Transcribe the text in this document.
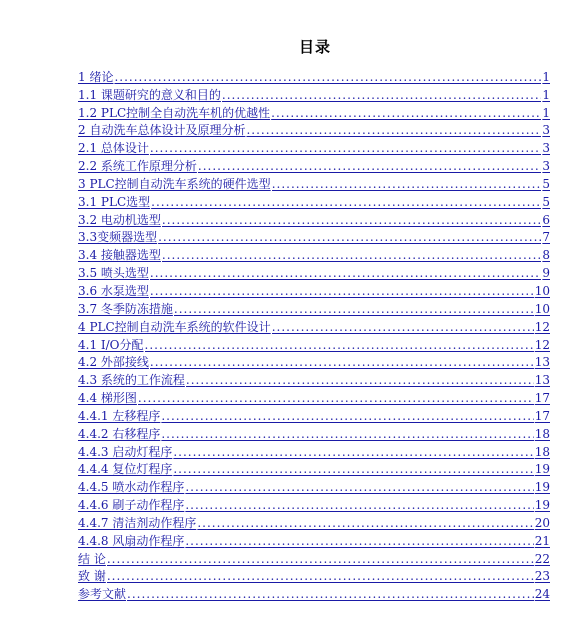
目录
1 绪论 .....	1
1.1 课题研究的意义和目的 .....	1
1.2 PLC控制全自动洗车机的优越性 .....	1
2 自动洗车总体设计及原理分析 .....	3
2.1 总体设计 .....	3
2.2 系统工作原理分析 .....	3
3 PLC控制自动洗车系统的硬件选型 .....	5
3.1 PLC选型 .....	5
3.2 电动机选型 .....	6
3.3变频器选型 .....	7
3.4 接触器选型 .....	8
3.5 喷头选型 .....	9
3.6 水泵选型 .....	10
3.7 冬季防冻措施 .....	10
4 PLC控制自动洗车系统的软件设计 .....	12
4.1 I/O分配 .....	12
4.2 外部接线 .....	13
4.3 系统的工作流程 .....	13
4.4 梯形图 .....	17
4.4.1 左移程序 .....	17
4.4.2 右移程序 .....	18
4.4.3 启动灯程序 .....	18
4.4.4 复位灯程序 .....	19
4.4.5 喷水动作程序 .....	19
4.4.6 刷子动作程序 .....	19
4.4.7 清洁剂动作程序 .....	20
4.4.8 风扇动作程序 .....	21
结 论 .....	22
致 谢 .....	23
参考文献 .....	24
